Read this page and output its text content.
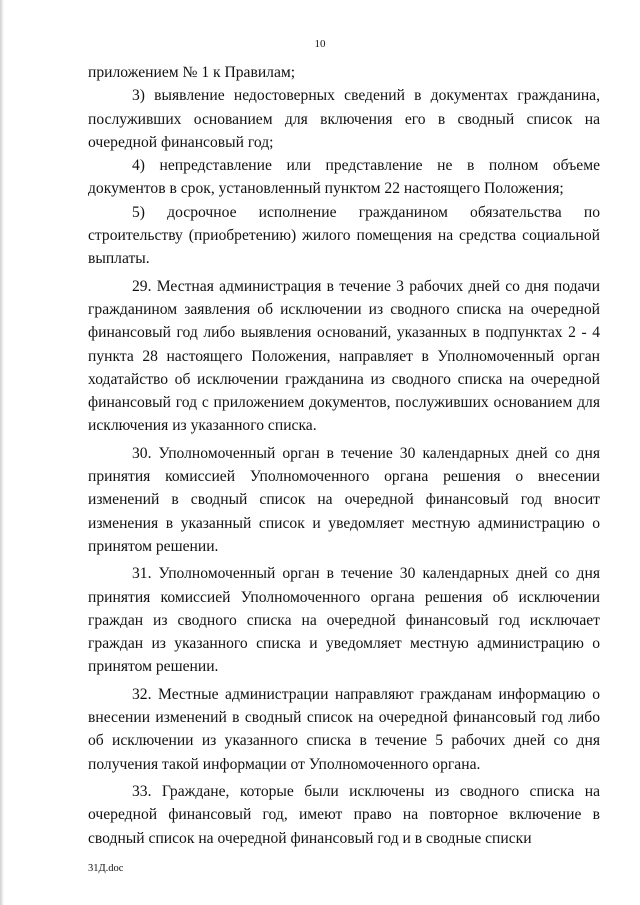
10

приложением № 1 к Правилам;

3) выявление недостоверных сведений в документах гражданина, послуживших основанием для включения его в сводный список на очередной финансовый год;

4) непредставление или представление не в полном объеме документов в срок, установленный пунктом 22 настоящего Положения;

5) досрочное исполнение гражданином обязательства по строительству (приобретению) жилого помещения на средства социальной выплаты.

29. Местная администрация в течение 3 рабочих дней со дня подачи гражданином заявления об исключении из сводного списка на очередной финансовый год либо выявления оснований, указанных в подпунктах 2 - 4 пункта 28 настоящего Положения, направляет в Уполномоченный орган ходатайство об исключении гражданина из сводного списка на очередной финансовый год с приложением документов, послуживших основанием для исключения из указанного списка.

30. Уполномоченный орган в течение 30 календарных дней со дня принятия комиссией Уполномоченного органа решения о внесении изменений в сводный список на очередной финансовый год вносит изменения в указанный список и уведомляет местную администрацию о принятом решении.

31. Уполномоченный орган в течение 30 календарных дней со дня принятия комиссией Уполномоченного органа решения об исключении граждан из сводного списка на очередной финансовый год исключает граждан из указанного списка и уведомляет местную администрацию о принятом решении.

32. Местные администрации направляют гражданам информацию о внесении изменений в сводный список на очередной финансовый год либо об исключении из указанного списка в течение 5 рабочих дней со дня получения такой информации от Уполномоченного органа.

33. Граждане, которые были исключены из сводного списка на очередной финансовый год, имеют право на повторное включение в сводный список на очередной финансовый год и в сводные списки

31Д.doc
